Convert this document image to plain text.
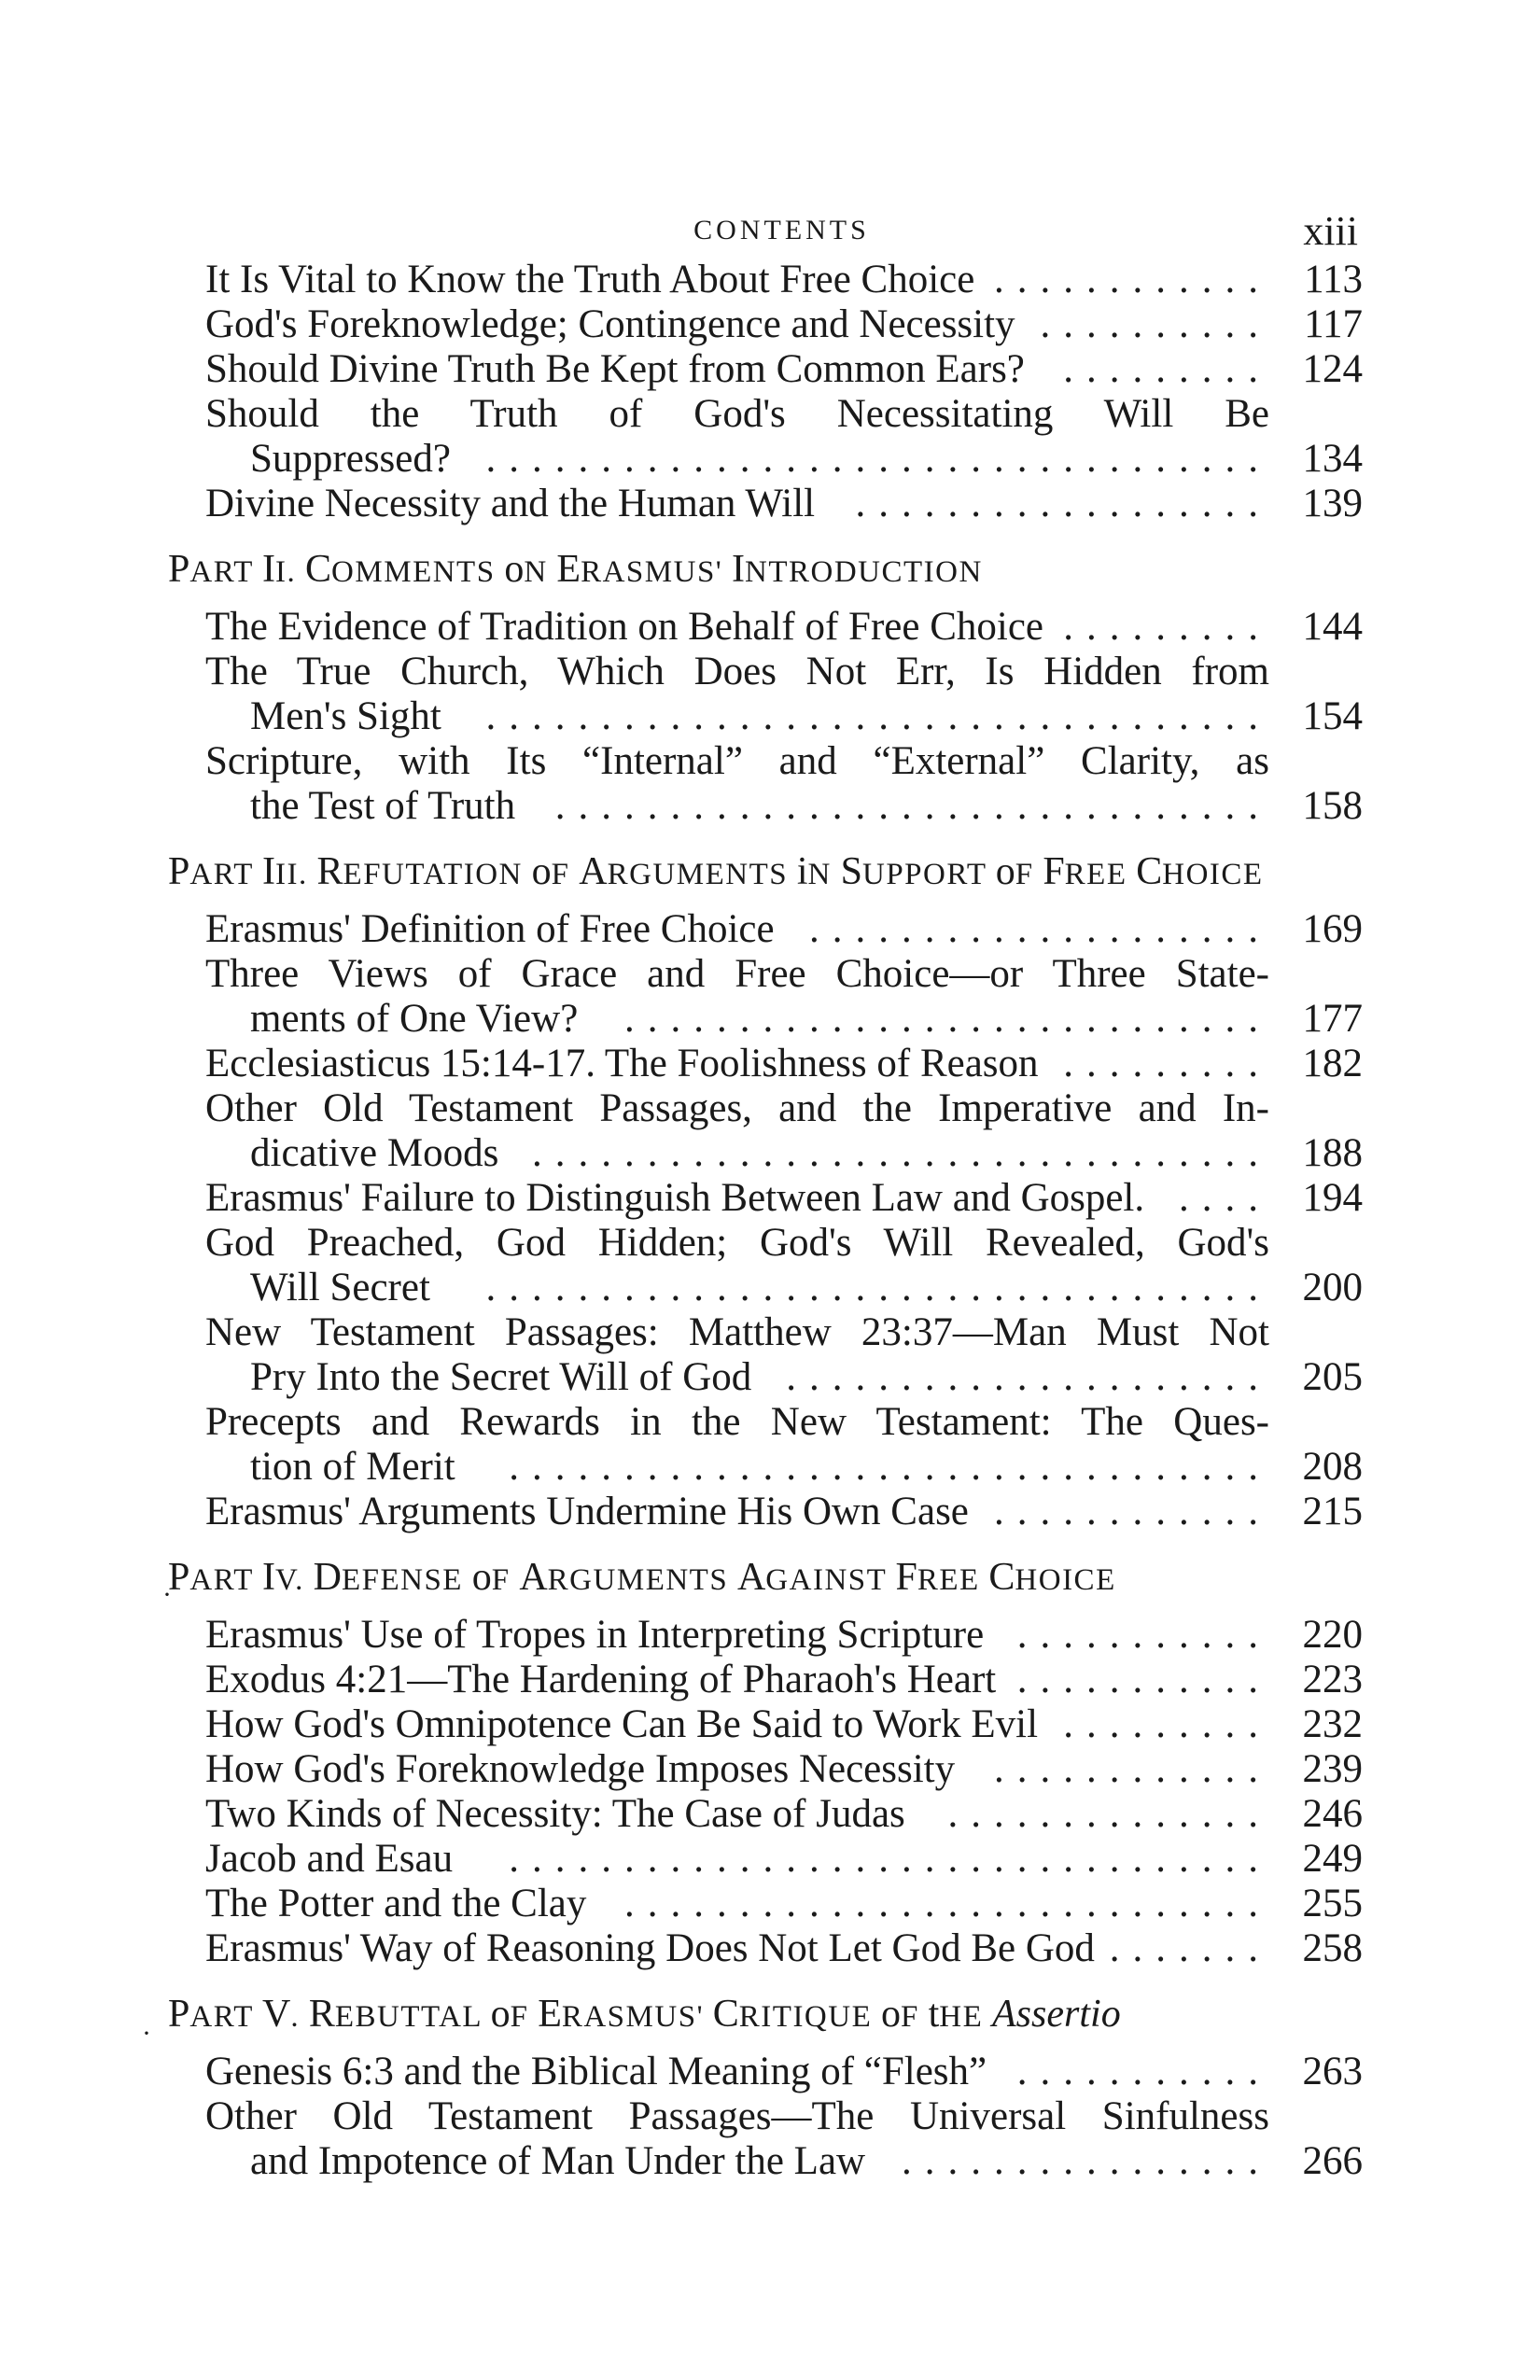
CONTENTS	xiii
It Is Vital to Know the Truth About Free Choice ............ 113
God's Foreknowledge; Contingence and Necessity .......... 117
Should Divine Truth Be Kept from Common Ears? ......... 124
Should the Truth of God's Necessitating Will Be
Suppressed? .................................. 134
Divine Necessity and the Human Will	.................. 139
PART II. COMMENTS oN ERASMUS' INTRODUCTION
The Evidence of Tradition on Behalf of Free Choice ......... 144
The True Church, Which Does Not Err, Is Hidden from
Men's Sight	.................................. 154
Scripture, with Its “Internal” and “External” Clarity, as
the Test of Truth ............................... 158
PART III. REFUTATION oF ARGUMENTS iN SUPPORT oF FREE CHOICE
Erasmus' Definition of Free Choice .................... 169
Three Views of Grace and Free Choice—or Three State-
ments of One View?	............................ 177
Ecclesiasticus 15:14-17. The Foolishness of Reason ......... 182
Other Old Testament Passages, and the Imperative and In-
dicative Moods ................................ 188
Erasmus' Failure to Distinguish Between Law and Gospel. .... 194
God Preached, God Hidden; God's Will Revealed, God's
Will Secret	.................................. 200
New Testament Passages: Matthew 23:37—Man Must Not
Pry Into the Secret Will of God ..................... 205
Precepts and Rewards in the New Testament: The Ques-
tion of Merit	................................. 208
Erasmus' Arguments Undermine His Own Case ............ 215
PART IV. DEFENSE oF ARGUMENTS AGAINST FREE CHOICE
Erasmus' Use of Tropes in Interpreting Scripture ........... 220
Exodus 4:21—The Hardening of Pharaoh's Heart ........... 223
How God's Omnipotence Can Be Said to Work Evil ......... 232
How God's Foreknowledge Imposes Necessity ............ 239
Two Kinds of Necessity: The Case of Judas	.............. 246
Jacob and Esau	................................. 249
The Potter and the Clay ............................ 255
Erasmus' Way of Reasoning Does Not Let God Be God ....... 258
PART V. REBUTTAL oF ERASMUS' CRITIQUE oF tHE Assertio
Genesis 6:3 and the Biblical Meaning of “Flesh” ........... 263
Other Old Testament Passages—The Universal Sinfulness
and Impotence of Man Under the Law ................ 266
·
·
